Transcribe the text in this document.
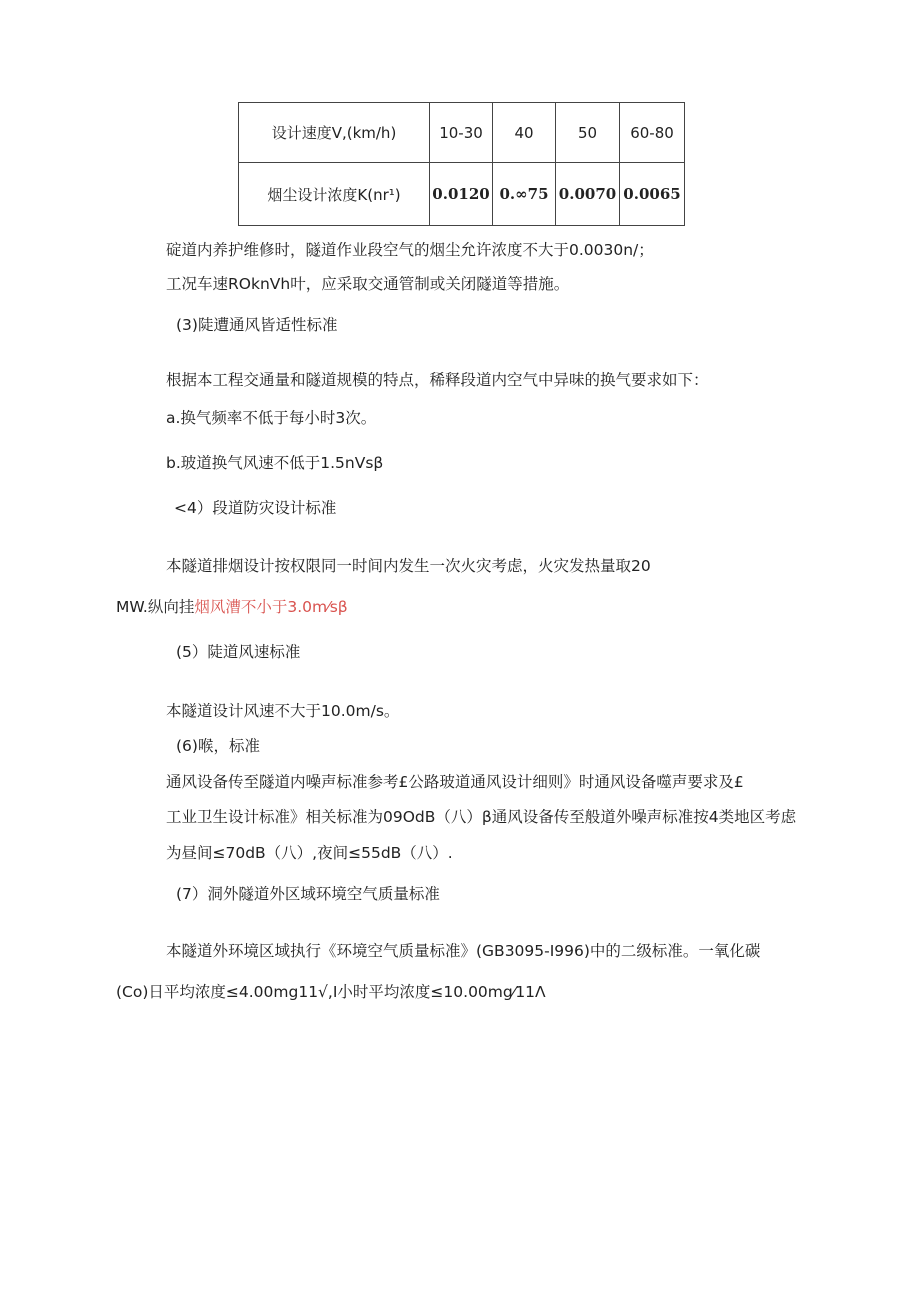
设计速度V,(km/h)	10-30	40	50	60-80
烟尘设计浓度K(nr¹)	0.0120	0.∞75	0.0070	0.0065
碇道内养护维修时，隧道作业段空气的烟尘允许浓度不大于0.0030n/；
工况车速ROknVh叶，应采取交通管制或关闭隧道等措施。
(3)陡遭通风皆适性标准
根据本工程交通量和隧道规模的特点，稀释段道内空气中异味的换气要求如下：
a.换气频率不低于每小时3次。
b.玻道换气风速不低于1.5nVsβ
<4）段道防灾设计标准
本隧道排烟设计按权限同一时间内发生一次火灾考虑，火灾发热量取20
MW.纵向挂烟风漕不小于3.0m⁄sβ
(5）陡道风速标准
本隧道设计风速不大于10.0m/s。
(6)喉，标准
通风设备传至隧道内噪声标准参考£公路玻道通风设计细则》时通风设备噬声要求及£
工业卫生设计标准》相关标准为09OdB（八）β通风设备传至般道外噪声标准按4类地区考虑
为昼间≤70dB（八）,夜间≤55dB（八）.
(7）洞外隧道外区域环境空气质量标准
本隧道外环境区域执行《环境空气质量标准》(GB3095-I996)中的二级标准。一氧化碳
(Co)日平均浓度≤4.00mg11√,I小时平均浓度≤10.00mg⁄11Λ
